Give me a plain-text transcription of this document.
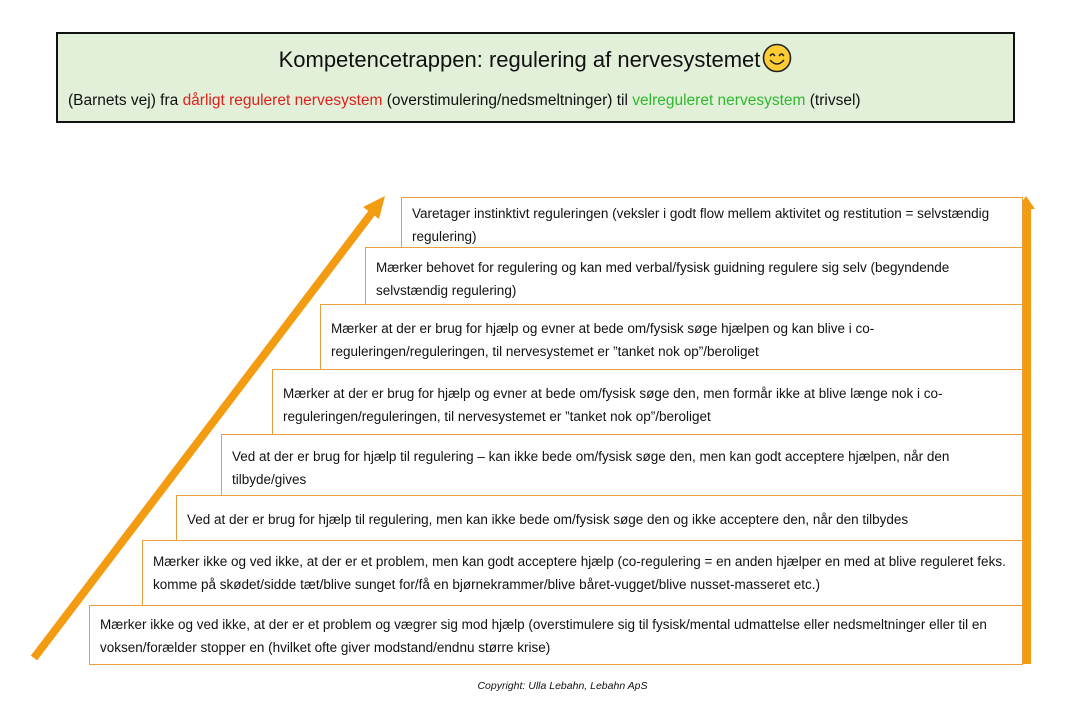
Kompetencetrappen: regulering af nervesystemet
(Barnets vej) fra dårligt reguleret nervesystem (overstimulering/nedsmeltninger) til velreguleret nervesystem (trivsel)
Varetager instinktivt reguleringen (veksler i godt flow mellem aktivitet og restitution = selvstændig regulering)
Mærker behovet for regulering og kan med verbal/fysisk guidning regulere sig selv (begyndende selvstændig regulering)
Mærker at der er brug for hjælp og evner at bede om/fysisk søge hjælpen og kan blive i co-reguleringen/reguleringen, til nervesystemet er ”tanket nok op”/beroliget
Mærker at der er brug for hjælp og evner at bede om/fysisk søge den, men formår ikke at blive længe nok i co-reguleringen/reguleringen, til nervesystemet er ”tanket nok op”/beroliget
Ved at der er brug for hjælp til regulering – kan ikke bede om/fysisk søge den, men kan godt acceptere hjælpen, når den tilbyde/gives
Ved at der er brug for hjælp til regulering, men kan ikke bede om/fysisk søge den og ikke acceptere den, når den tilbydes
Mærker ikke og ved ikke, at der er et problem, men kan godt acceptere hjælp (co-regulering = en anden hjælper en med at blive reguleret feks. komme på skødet/sidde tæt/blive sunget for/få en bjørnekrammer/blive båret-vugget/blive nusset-masseret etc.)
Mærker ikke og ved ikke, at der er et problem og vægrer sig mod hjælp (overstimulere sig til fysisk/mental udmattelse eller nedsmeltninger eller til en voksen/forælder stopper en (hvilket ofte giver modstand/endnu større krise)
Copyright: Ulla Lebahn, Lebahn ApS
